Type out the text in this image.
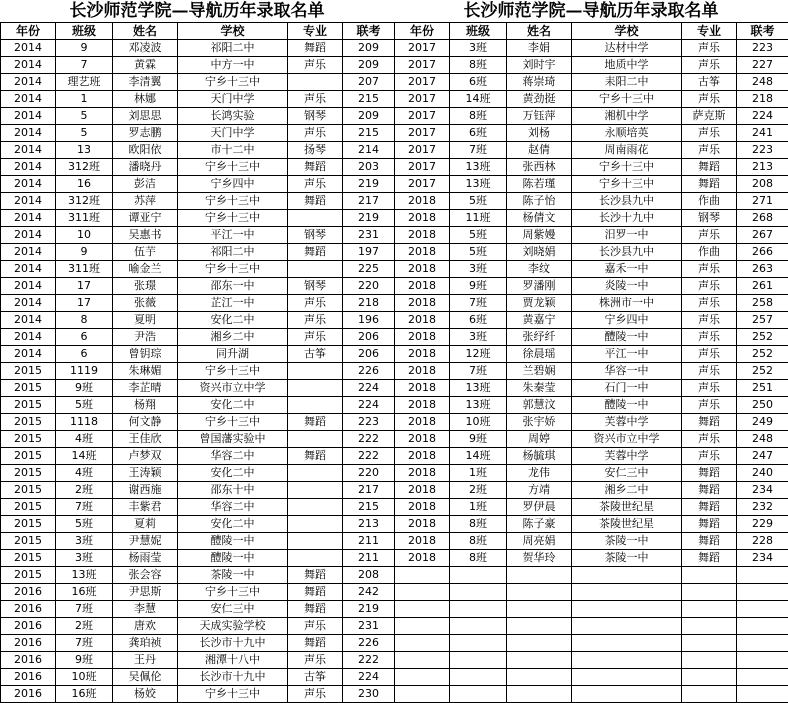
长沙师范学院—导航历年录取名单
年份	班级	姓名	学校	专业	联考
2014	9	邓凌波	祁阳二中	舞蹈	209
2014	7	黄霖	中方一中	声乐	209
2014	理艺班	李清翼	宁乡十三中		207
2014	1	林娜	天门中学	声乐	215
2014	5	刘思思	长鸿实验	钢琴	209
2014	5	罗志鹏	天门中学	声乐	215
2014	13	欧阳依	市十二中	扬琴	214
2014	312班	潘晓丹	宁乡十三中	舞蹈	203
2014	16	彭洁	宁乡四中	声乐	219
2014	312班	苏萍	宁乡十三中	舞蹈	217
2014	311班	谭亚宁	宁乡十三中		219
2014	10	吴惠书	平江一中	钢琴	231
2014	9	伍芋	祁阳二中	舞蹈	197
2014	311班	喻金兰	宁乡十三中		225
2014	17	张璟	邵东一中	钢琴	220
2014	17	张薇	芷江一中	声乐	218
2014	8	夏明	安化二中	声乐	196
2014	6	尹浩	湘乡二中	声乐	206
2014	6	曾钥琮	同升湖	古筝	206
2015	1119	朱琳媚	宁乡十三中		226
2015	9班	李芷晴	资兴市立中学		224
2015	5班	杨翔	安化二中		224
2015	1118	何文静	宁乡十三中	舞蹈	223
2015	4班	王佳欣	曾国藩实验中		222
2015	14班	卢梦双	华容二中	舞蹈	222
2015	4班	王涛颖	安化二中		220
2015	2班	谢西施	邵东十中		217
2015	7班	丰紫君	华容二中		215
2015	5班	夏莉	安化二中		213
2015	3班	尹慧妮	醴陵一中		211
2015	3班	杨雨莹	醴陵一中		211
2015	13班	张会容	茶陵一中	舞蹈	208
2016	16班	尹思斯	宁乡十三中	舞蹈	242
2016	7班	李慧	安仁三中	舞蹈	219
2016	2班	唐欢	天成实验学校	声乐	231
2016	7班	龚珀祯	长沙市十九中	舞蹈	226
2016	9班	王丹	湘潭十八中	声乐	222
2016	10班	吴佩伦	长沙市十九中	古筝	224
2016	16班	杨姣	宁乡十三中	声乐	230
长沙师范学院—导航历年录取名单
年份	班级	姓名	学校	专业	联考
2017	3班	李娟	达材中学	声乐	223
2017	8班	刘时宇	地质中学	声乐	227
2017	6班	蒋崇琦	耒阳二中	古筝	248
2017	14班	黄劲挺	宁乡十三中	声乐	218
2017	8班	万钰萍	湘机中学	萨克斯	224
2017	6班	刘杨	永顺培英	声乐	241
2017	7班	赵倩	周南雨花	声乐	223
2017	13班	张西林	宁乡十三中	舞蹈	213
2017	13班	陈若瑾	宁乡十三中	舞蹈	208
2018	5班	陈子怡	长沙县九中	作曲	271
2018	11班	杨倩文	长沙十九中	钢琴	268
2018	5班	周紫嫚	汨罗一中	声乐	267
2018	5班	刘晓娟	长沙县九中	作曲	266
2018	3班	李纹	嘉禾一中	声乐	263
2018	9班	罗潘刚	炎陵一中	声乐	261
2018	7班	贾龙颖	株洲市一中	声乐	258
2018	6班	黄嘉宁	宁乡四中	声乐	257
2018	3班	张纾纤	醴陵一中	声乐	252
2018	12班	徐晨瑶	平江一中	声乐	252
2018	7班	兰碧娴	华容一中	声乐	252
2018	13班	朱秦莹	石门一中	声乐	251
2018	13班	郭慧汶	醴陵一中	声乐	250
2018	10班	张宇娇	芙蓉中学	舞蹈	249
2018	9班	周婷	资兴市立中学	声乐	248
2018	14班	杨毓琪	芙蓉中学	声乐	247
2018	1班	龙伟	安仁三中	舞蹈	240
2018	2班	方靖	湘乡二中	舞蹈	234
2018	1班	罗伊晨	茶陵世纪星	舞蹈	232
2018	8班	陈子豪	茶陵世纪星	舞蹈	229
2018	8班	周亮娟	茶陵一中	舞蹈	228
2018	8班	贺华玲	茶陵一中	舞蹈	234
